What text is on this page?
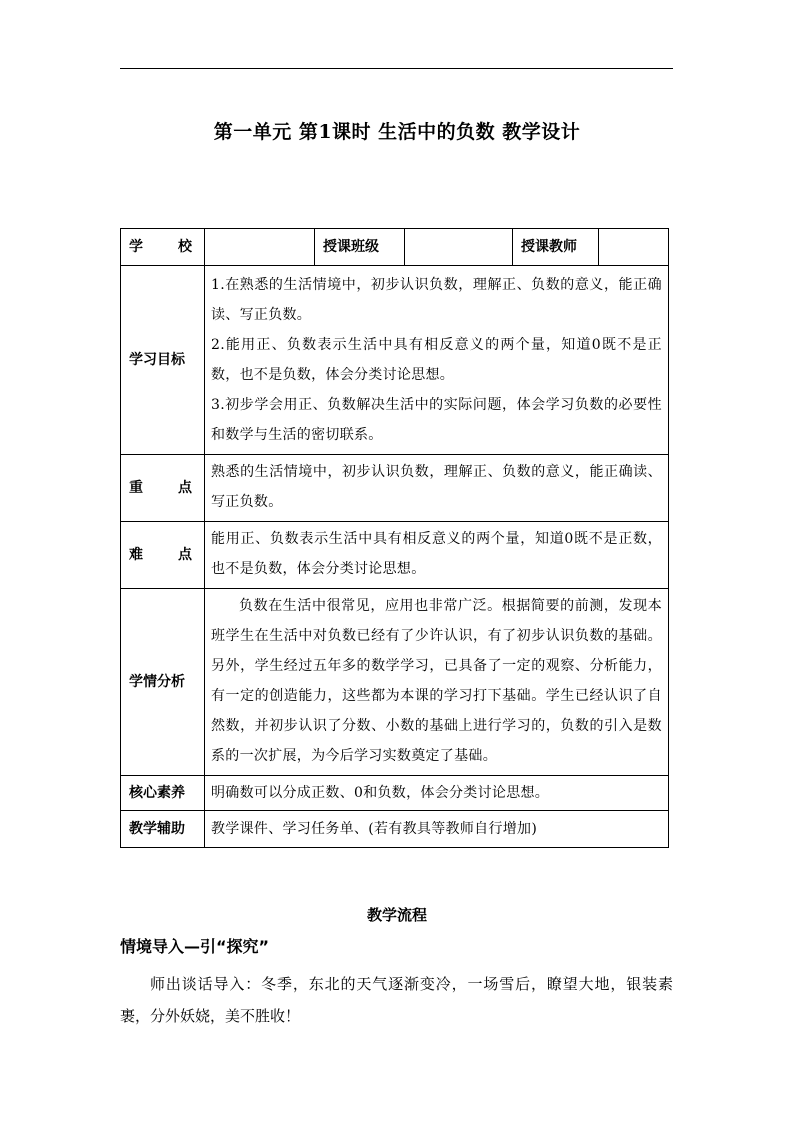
第一单元 第1课时 生活中的负数 教学设计
学 校		授课班级		授课教师	
学习目标	1.在熟悉的生活情境中，初步认识负数，理解正、负数的意义，能正确读、写正负数。

2.能用正、负数表示生活中具有相反意义的两个量，知道0既不是正数，也不是负数，体会分类讨论思想。

3.初步学会用正、负数解决生活中的实际问题，体会学习负数的必要性和数学与生活的密切联系。				

重 点	熟悉的生活情境中，初步认识负数，理解正、负数的意义，能正确读、写正负数。				

难 点	能用正、负数表示生活中具有相反意义的两个量，知道0既不是正数，也不是负数，体会分类讨论思想。				

学情分析	负数在生活中很常见，应用也非常广泛。根据简要的前测，发现本班学生在生活中对负数已经有了少许认识，有了初步认识负数的基础。另外，学生经过五年多的数学学习，已具备了一定的观察、分析能力，有一定的创造能力，这些都为本课的学习打下基础。学生已经认识了自然数，并初步认识了分数、小数的基础上进行学习的，负数的引入是数系的一次扩展，为今后学习实数奠定了基础。				

核心素养	明确数可以分成正数、0和负数，体会分类讨论思想。				

教学辅助	教学课件、学习任务单、(若有教具等教师自行增加)				

教学流程
情境导入—引“探究”

师出谈话导入：冬季，东北的天气逐渐变冷，一场雪后，瞭望大地，银装素裹，分外妖娆，美不胜收！
